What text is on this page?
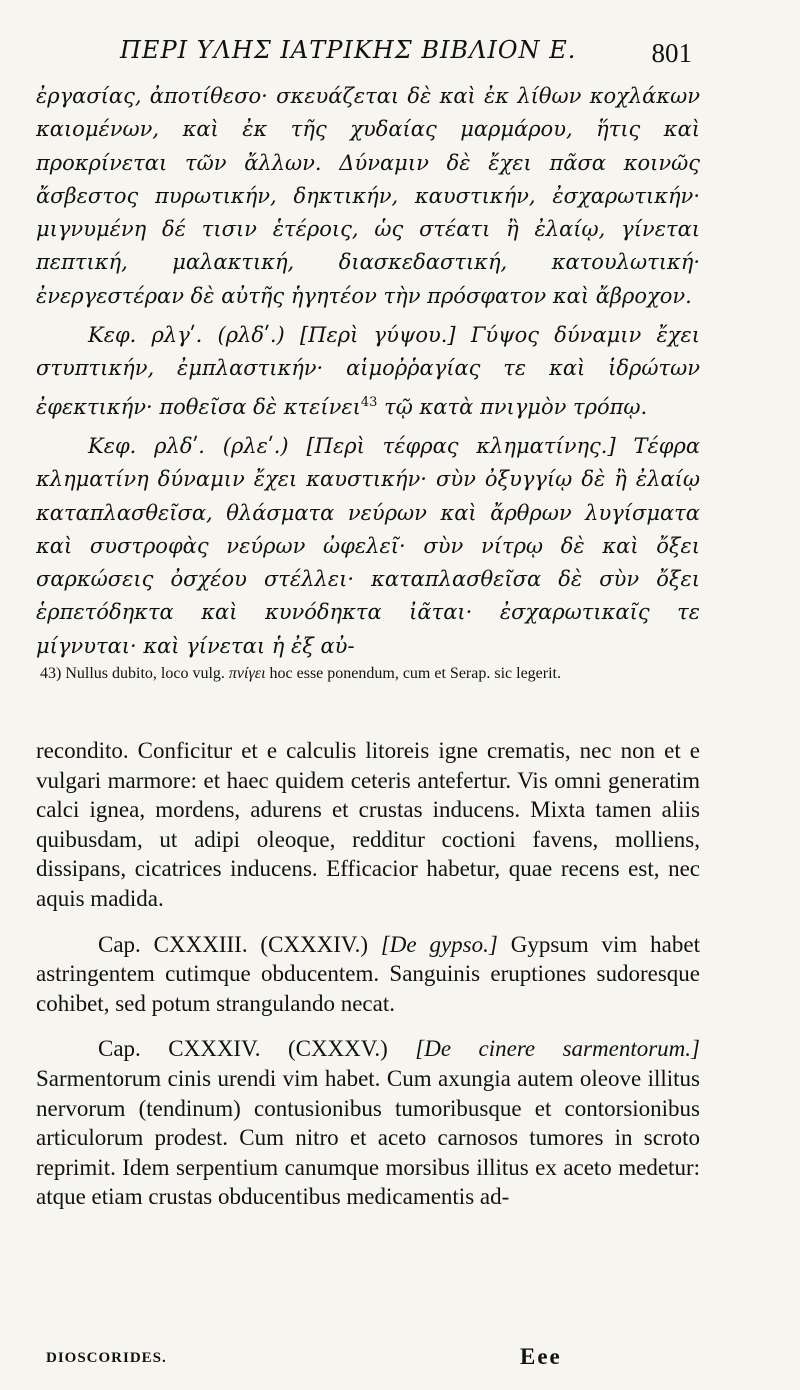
ΠΕΡΙ ΥΛΗΣ ΙΑΤΡΙΚΗΣ ΒΙΒΛΙΟΝ Ε.	801

ἐργασίας, ἀποτίθεσο· σκευάζεται δὲ καὶ ἐκ λίθων κοχλάκων καιομένων, καὶ ἐκ τῆς χυδαίας μαρμάρου, ἥτις καὶ προκρίνεται τῶν ἄλλων. Δύναμιν δὲ ἔχει πᾶσα κοινῶς ἄσβεστος πυρωτικήν, δηκτικήν, καυστικήν, ἐσχαρωτικήν· μιγνυμένη δέ τισιν ἑτέροις, ὡς στέατι ἢ ἐλαίῳ, γίνεται πεπτική, μαλακτική, διασκεδαστική, κατουλωτική· ἐνεργεστέραν δὲ αὐτῆς ἡγητέον τὴν πρόσφατον καὶ ἄβροχον.

Κεφ. ρλγʹ. (ρλδʹ.) [Περὶ γύψου.] Γύψος δύναμιν ἔχει στυπτικήν, ἐμπλαστικήν· αἱμοῤῥαγίας τε καὶ ἱδρώτων ἐφεκτικήν· ποθεῖσα δὲ κτείνει$^{43}$ τῷ κατὰ πνιγμὸν τρόπῳ.

Κεφ. ρλδʹ. (ρλεʹ.) [Περὶ τέφρας κληματίνης.] Τέφρα κληματίνη δύναμιν ἔχει καυστικήν· σὺν ὀξυγγίῳ δὲ ἢ ἐλαίῳ καταπλασθεῖσα, θλάσματα νεύρων καὶ ἄρθρων λυγίσματα καὶ συστροφὰς νεύρων ὠφελεῖ· σὺν νίτρῳ δὲ καὶ ὄξει σαρκώσεις ὀσχέου στέλλει· καταπλασθεῖσα δὲ σὺν ὄξει ἑρπετόδηκτα καὶ κυνόδηκτα ἰᾶται· ἐσχαρωτικαῖς τε μίγνυται· καὶ γίνεται ἡ ἐξ αὐ-

43) Nullus dubito, loco vulg. πνίγει hoc esse ponendum, cum et Serap. sic legerit.

recondito. Conficitur et e calculis litoreis igne crematis, nec non et e vulgari marmore: et haec quidem ceteris antefertur. Vis omni generatim calci ignea, mordens, adurens et crustas inducens. Mixta tamen aliis quibusdam, ut adipi oleoque, redditur coctioni favens, molliens, dissipans, cicatrices inducens. Efficacior habetur, quae recens est, nec aquis madida.

Cap. CXXXIII. (CXXXIV.) [De gypso.] Gypsum vim habet astringentem cutimque obducentem. Sanguinis eruptiones sudoresque cohibet, sed potum strangulando necat.

Cap. CXXXIV. (CXXXV.) [De cinere sarmentorum.] Sarmentorum cinis urendi vim habet. Cum axungia autem oleove illitus nervorum (tendinum) contusionibus tumoribusque et contorsionibus articulorum prodest. Cum nitro et aceto carnosos tumores in scroto reprimit. Idem serpentium canumque morsibus illitus ex aceto medetur: atque etiam crustas obducentibus medicamentis ad-

DIOSCORIDES.	Eee
